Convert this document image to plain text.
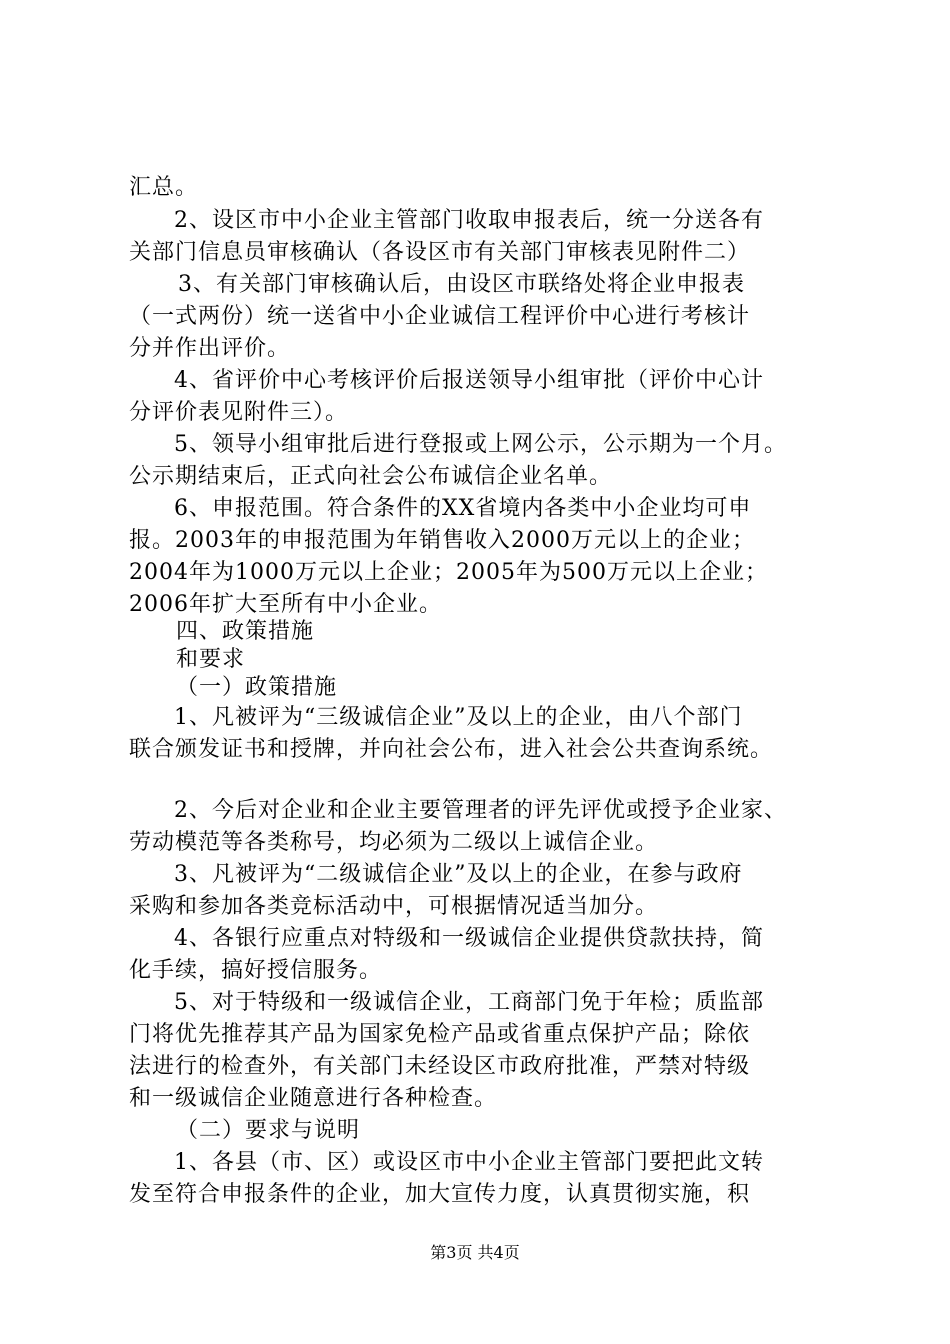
汇总。
2、设区市中小企业主管部门收取申报表后，统一分送各有
关部门信息员审核确认（各设区市有关部门审核表见附件二）
3、有关部门审核确认后，由设区市联络处将企业申报表
（一式两份）统一送省中小企业诚信工程评价中心进行考核计
分并作出评价。
4、省评价中心考核评价后报送领导小组审批（评价中心计
分评价表见附件三）。
5、领导小组审批后进行登报或上网公示，公示期为一个月。
公示期结束后，正式向社会公布诚信企业名单。
6、申报范围。符合条件的XX省境内各类中小企业均可申
报。2003年的申报范围为年销售收入2000万元以上的企业；
2004年为1000万元以上企业；2005年为500万元以上企业；
2006年扩大至所有中小企业。
四、政策措施
和要求
（一）政策措施
1、凡被评为“三级诚信企业”及以上的企业，由八个部门
联合颁发证书和授牌，并向社会公布，进入社会公共查询系统。
2、今后对企业和企业主要管理者的评先评优或授予企业家、
劳动模范等各类称号，均必须为二级以上诚信企业。
3、凡被评为“二级诚信企业”及以上的企业，在参与政府
采购和参加各类竞标活动中，可根据情况适当加分。
4、各银行应重点对特级和一级诚信企业提供贷款扶持，简
化手续，搞好授信服务。
5、对于特级和一级诚信企业，工商部门免于年检；质监部
门将优先推荐其产品为国家免检产品或省重点保护产品；除依
法进行的检查外，有关部门未经设区市政府批准，严禁对特级
和一级诚信企业随意进行各种检查。
（二）要求与说明
1、各县（市、区）或设区市中小企业主管部门要把此文转
发至符合申报条件的企业，加大宣传力度，认真贯彻实施，积
第3页 共4页
